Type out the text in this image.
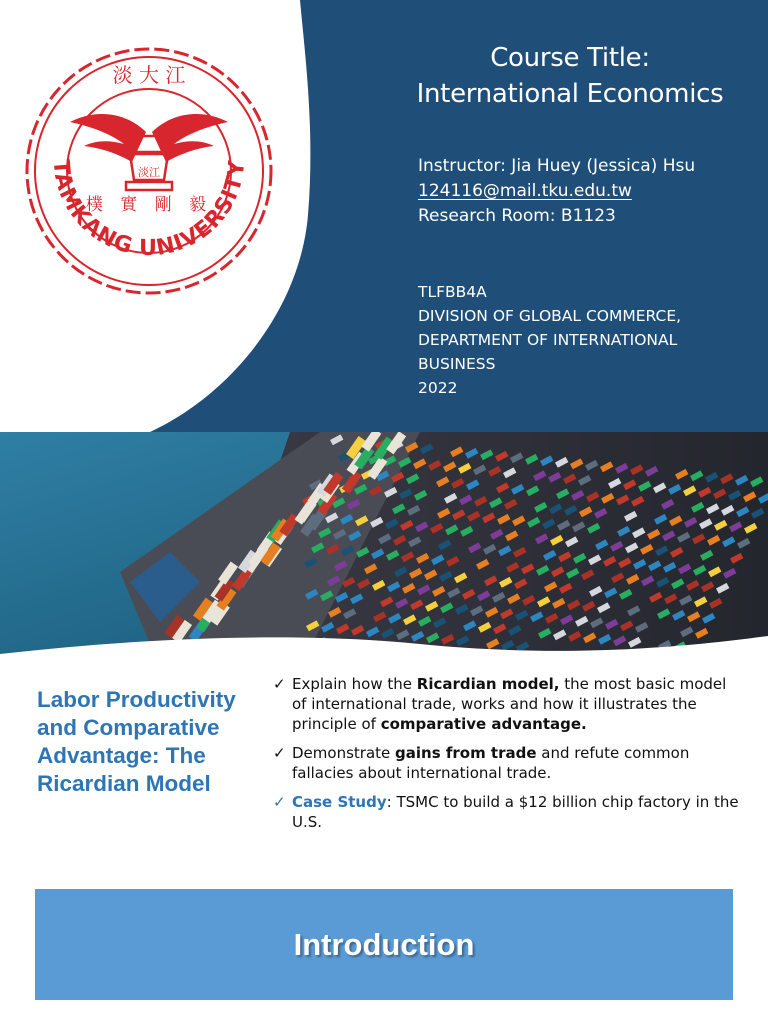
TAMKANG UNIVERSITY
淡 大 江
淡江
樸 實 剛 毅
Course Title:
International Economics
Instructor: Jia Huey (Jessica) Hsu
124116@mail.tku.edu.tw
Research Room: B1123
TLFBB4A
DIVISION OF GLOBAL COMMERCE,
DEPARTMENT OF INTERNATIONAL
BUSINESS
2022
Labor Productivity and Comparative Advantage: The Ricardian Model
✓ Explain how the Ricardian model, the most basic model of international trade, works and how it illustrates the principle of comparative advantage.
✓ Demonstrate gains from trade and refute common fallacies about international trade.
✓ Case Study: TSMC to build a $12 billion chip factory in the U.S.
Introduction
